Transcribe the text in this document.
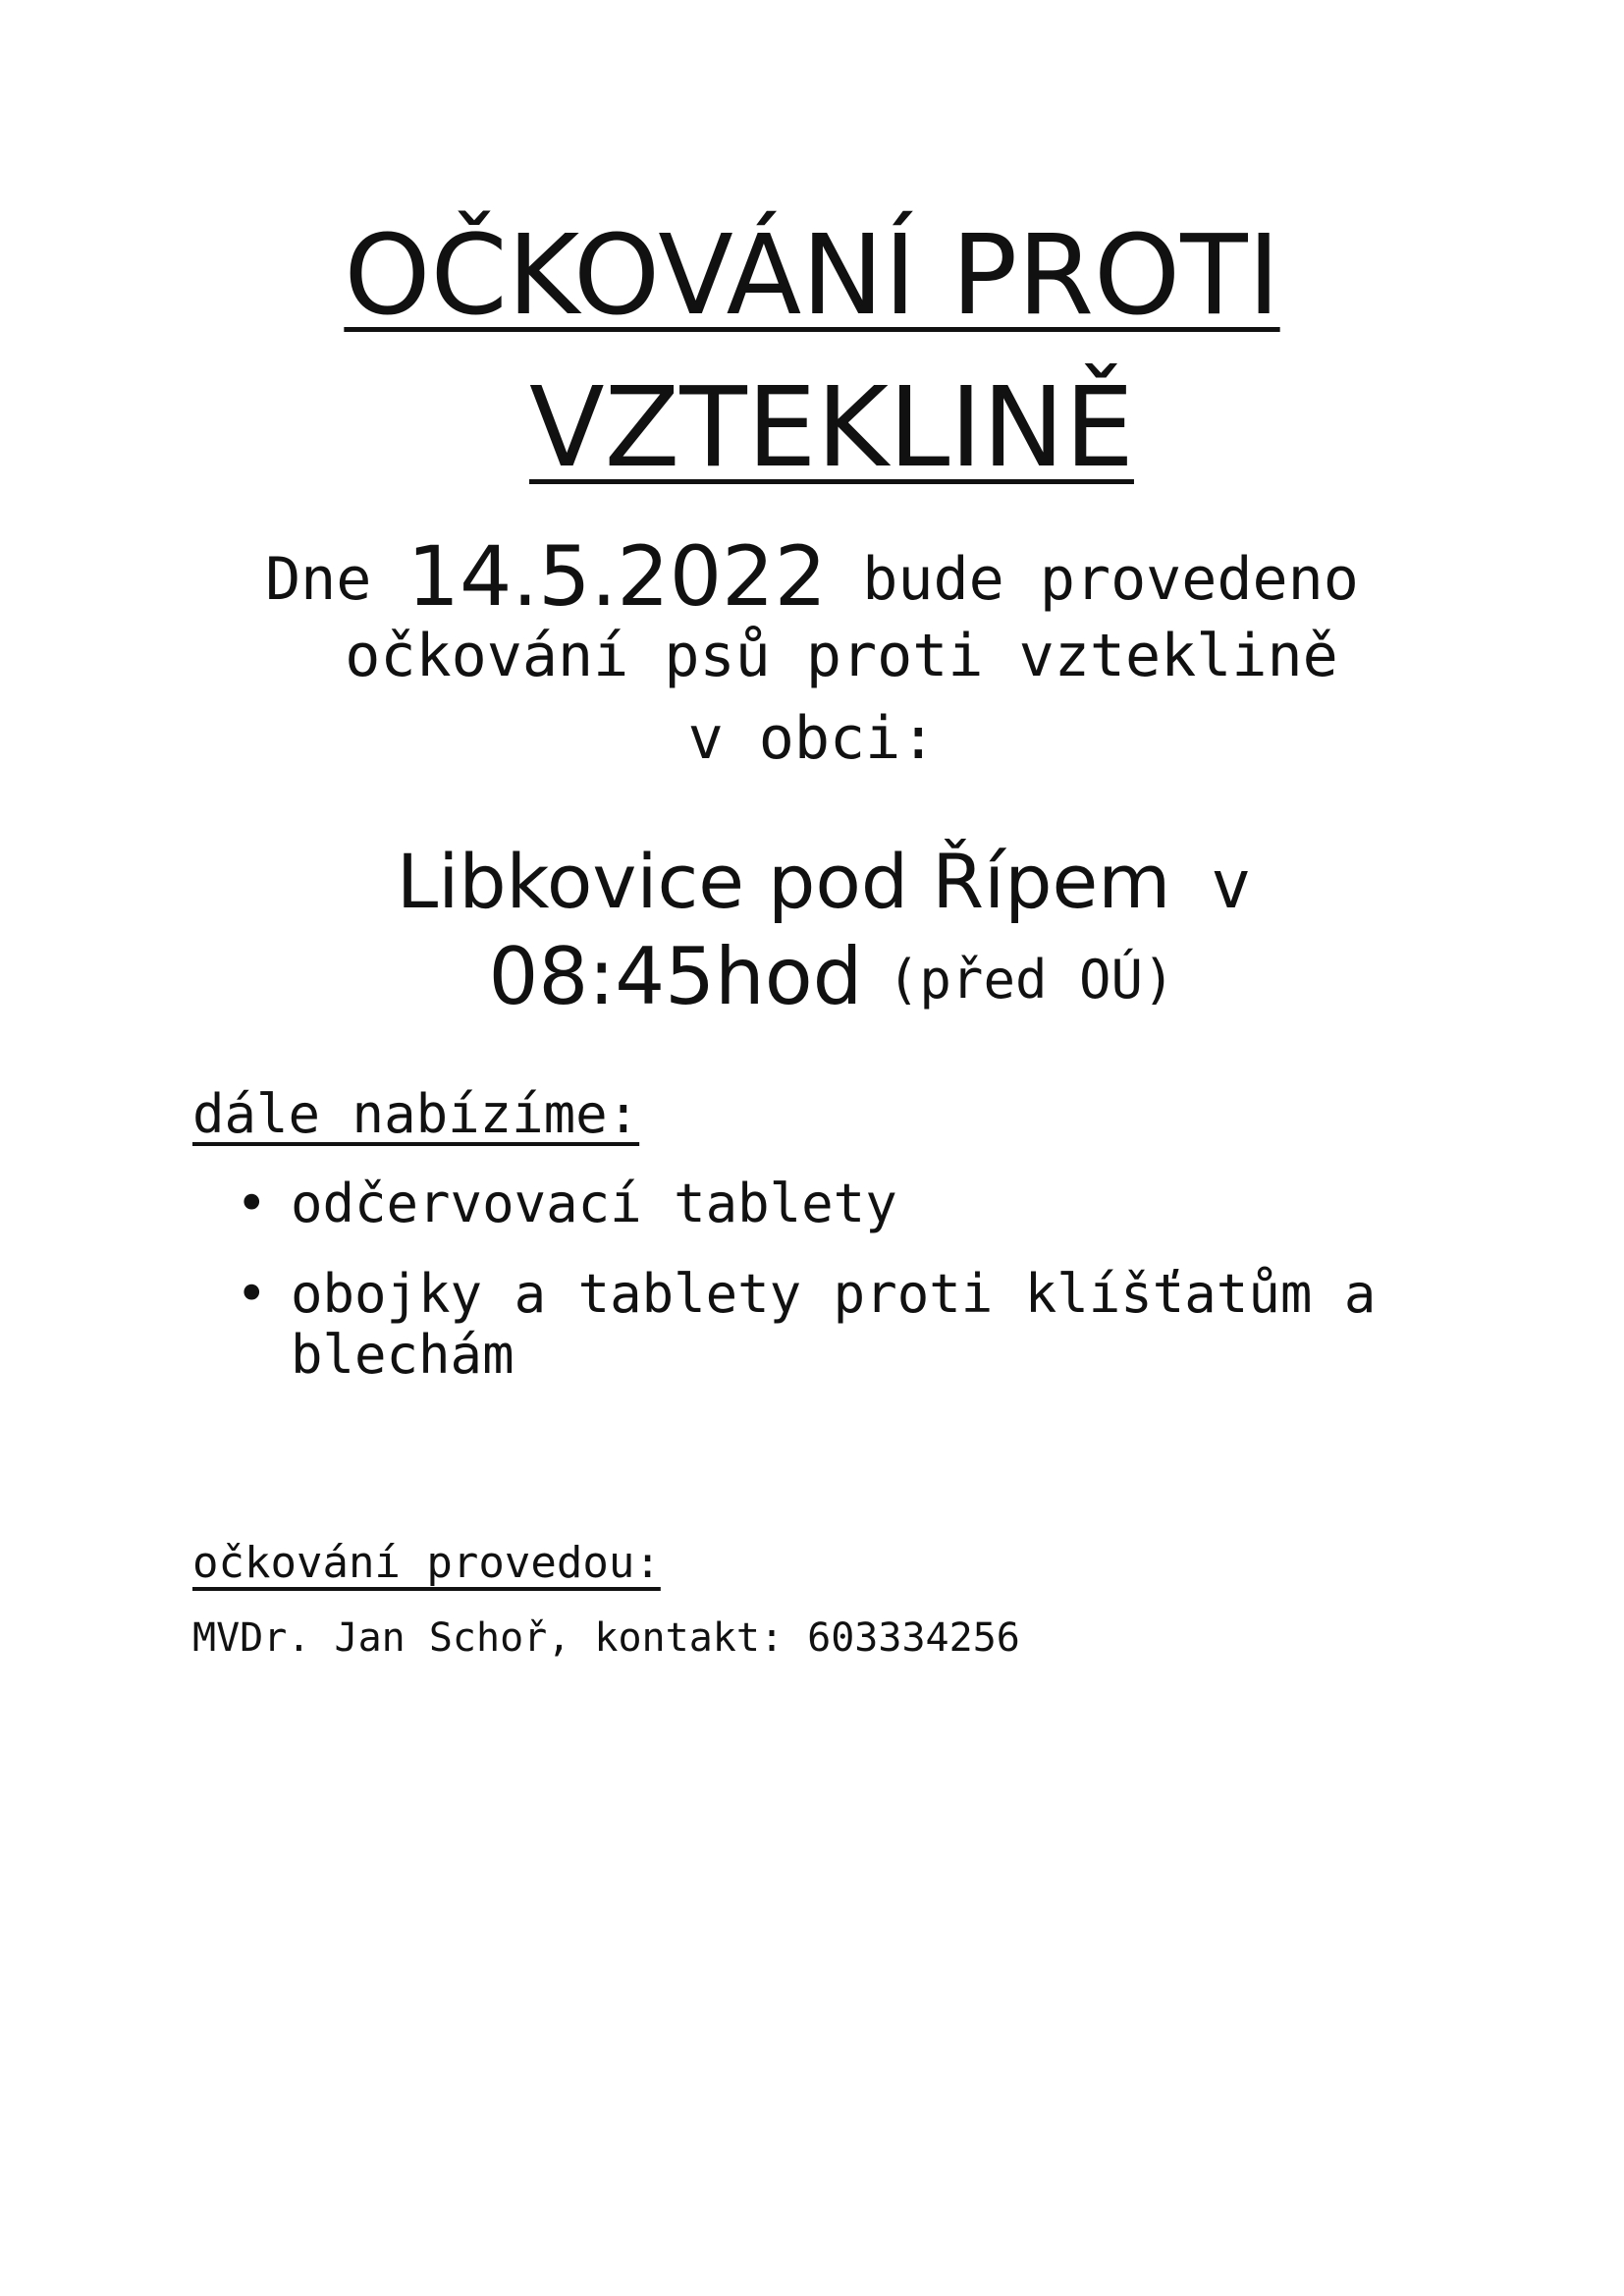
OČKOVÁNÍ PROTI
VZTEKLINĚ

Dne 14.5.2022 bude provedeno

očkování psů proti vzteklině

v obci:

Libkovice pod Řípem v

08:45hod (před OÚ)

dále nabízíme:

• odčervovací tablety
• obojky a tablety proti klíšťatům a
blechám

očkování provedou:

MVDr. Jan Schoř, kontakt: 603334256
